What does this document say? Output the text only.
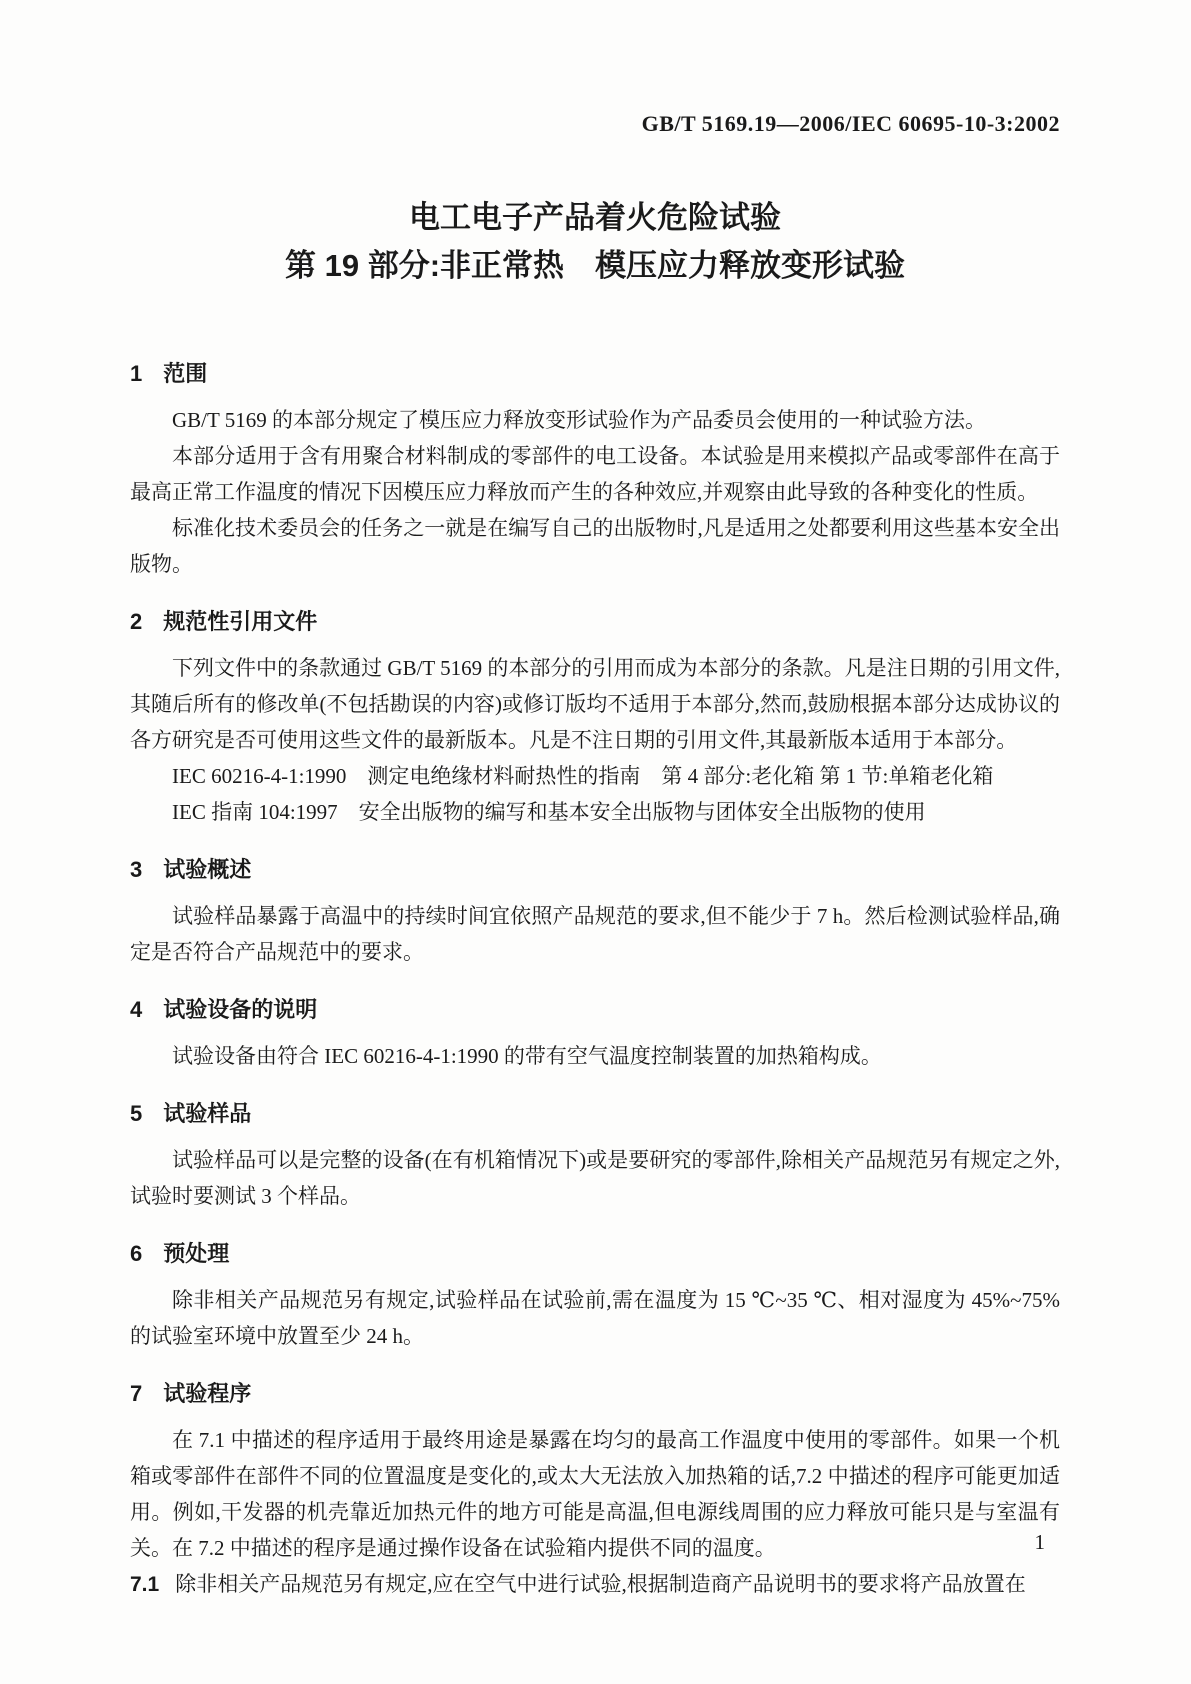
GB/T 5169.19—2006/IEC 60695-10-3:2002
电工电子产品着火危险试验
第 19 部分:非正常热　模压应力释放变形试验
1 范围

GB/T 5169 的本部分规定了模压应力释放变形试验作为产品委员会使用的一种试验方法。

本部分适用于含有用聚合材料制成的零部件的电工设备。本试验是用来模拟产品或零部件在高于最高正常工作温度的情况下因模压应力释放而产生的各种效应,并观察由此导致的各种变化的性质。

标准化技术委员会的任务之一就是在编写自己的出版物时,凡是适用之处都要利用这些基本安全出版物。

2 规范性引用文件

下列文件中的条款通过 GB/T 5169 的本部分的引用而成为本部分的条款。凡是注日期的引用文件,其随后所有的修改单(不包括勘误的内容)或修订版均不适用于本部分,然而,鼓励根据本部分达成协议的各方研究是否可使用这些文件的最新版本。凡是不注日期的引用文件,其最新版本适用于本部分。

IEC 60216-4-1:1990　测定电绝缘材料耐热性的指南　第 4 部分:老化箱 第 1 节:单箱老化箱

IEC 指南 104:1997　安全出版物的编写和基本安全出版物与团体安全出版物的使用

3 试验概述

试验样品暴露于高温中的持续时间宜依照产品规范的要求,但不能少于 7 h。然后检测试验样品,确定是否符合产品规范中的要求。

4 试验设备的说明

试验设备由符合 IEC 60216-4-1:1990 的带有空气温度控制装置的加热箱构成。

5 试验样品

试验样品可以是完整的设备(在有机箱情况下)或是要研究的零部件,除相关产品规范另有规定之外,试验时要测试 3 个样品。

6 预处理

除非相关产品规范另有规定,试验样品在试验前,需在温度为 15 ℃~35 ℃、相对湿度为 45%~75%的试验室环境中放置至少 24 h。

7 试验程序

在 7.1 中描述的程序适用于最终用途是暴露在均匀的最高工作温度中使用的零部件。如果一个机箱或零部件在部件不同的位置温度是变化的,或太大无法放入加热箱的话,7.2 中描述的程序可能更加适用。例如,干发器的机壳靠近加热元件的地方可能是高温,但电源线周围的应力释放可能只是与室温有关。在 7.2 中描述的程序是通过操作设备在试验箱内提供不同的温度。

7.1 除非相关产品规范另有规定,应在空气中进行试验,根据制造商产品说明书的要求将产品放置在

1
